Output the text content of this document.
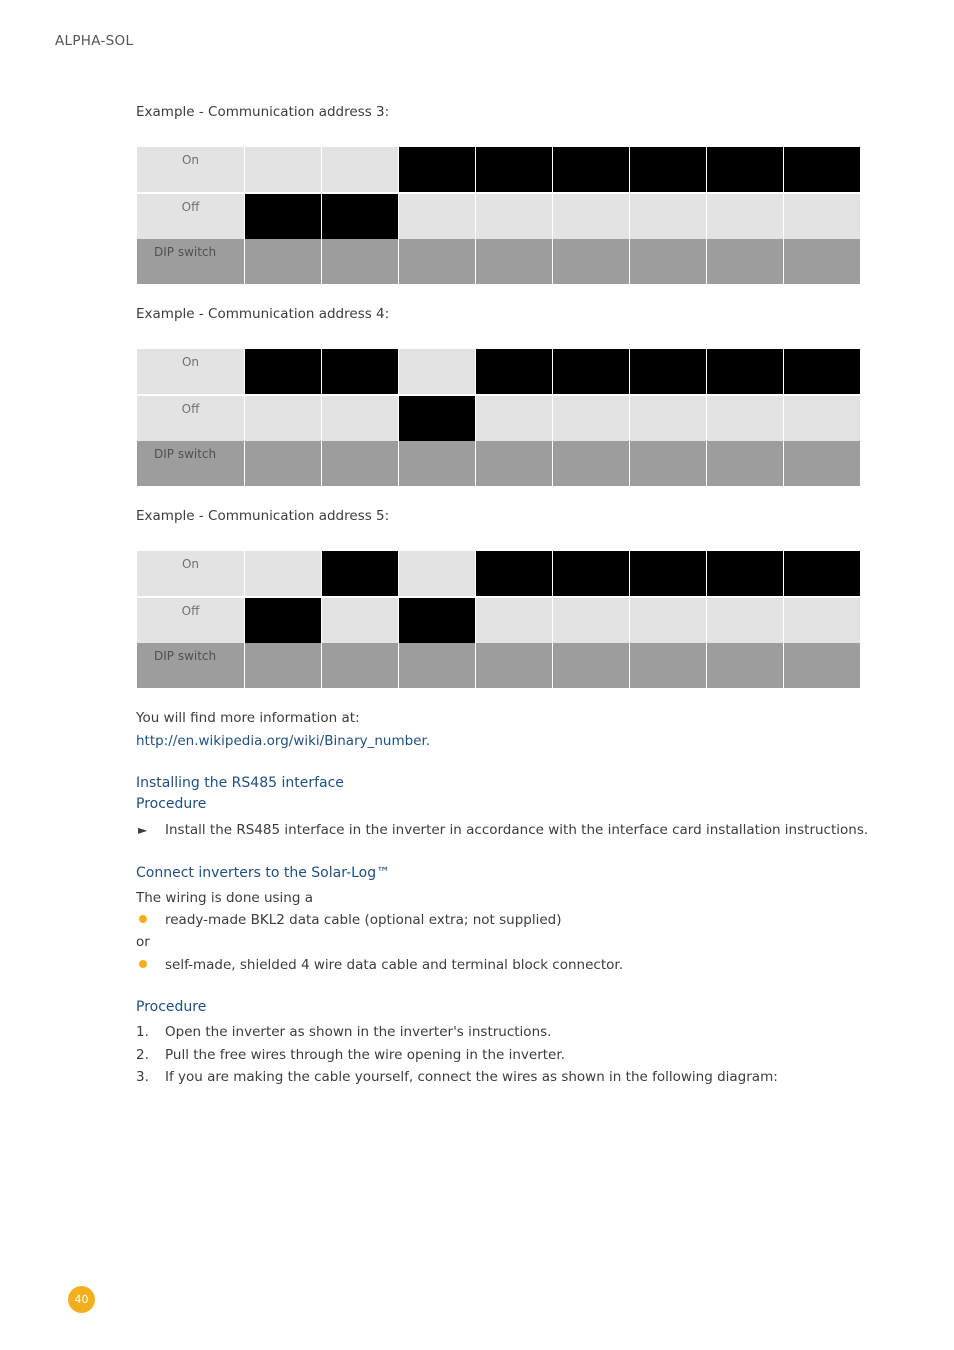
ALPHA-SOL
Example - Communication address 3:
On
Off
DIP switch
Example - Communication address 4:
On
Off
DIP switch
Example - Communication address 5:
On
Off
DIP switch
You will find more information at:
http://en.wikipedia.org/wiki/Binary_number.
Installing the RS485 interface
Procedure
► Install the RS485 interface in the inverter in accordance with the interface card installation instructions.
Connect inverters to the Solar-Log™
The wiring is done using a
ready-made BKL2 data cable (optional extra; not supplied)
or
self-made, shielded 4 wire data cable and terminal block connector.
Procedure
1. Open the inverter as shown in the inverter's instructions.
2. Pull the free wires through the wire opening in the inverter.
3. If you are making the cable yourself, connect the wires as shown in the following diagram:
40
